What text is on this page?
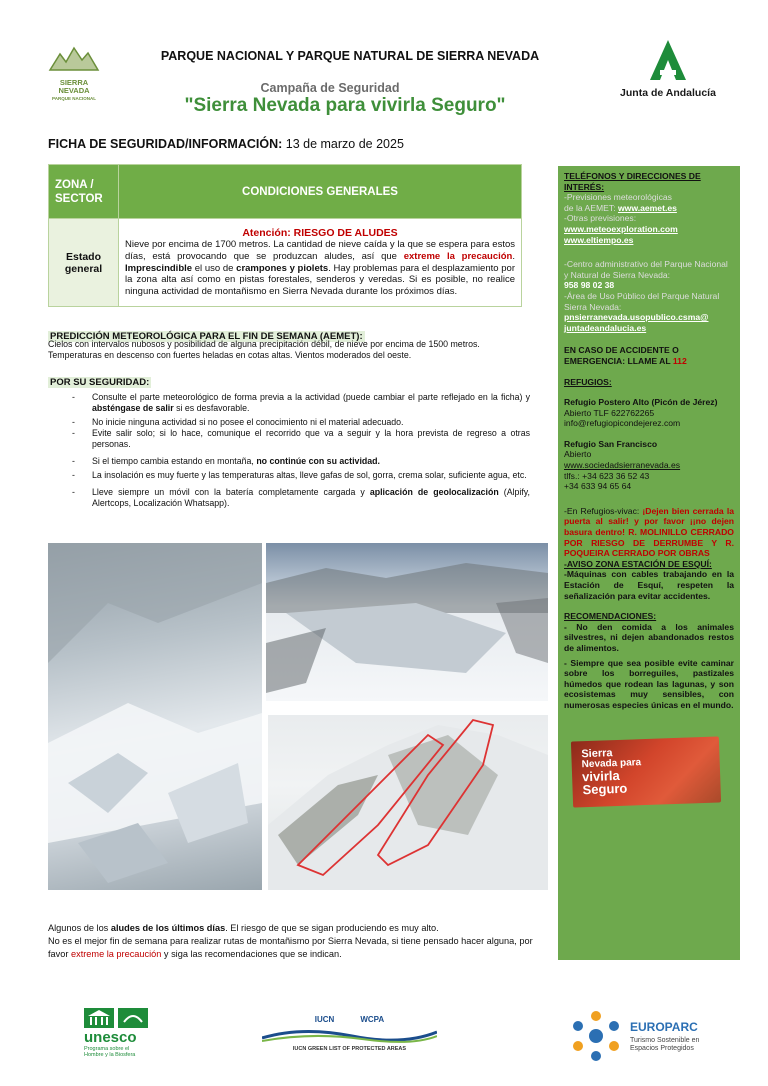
SIERRA
NEVADA
PARQUE NACIONAL
PARQUE NACIONAL Y PARQUE NATURAL DE SIERRA NEVADA
Campaña de Seguridad
"Sierra Nevada para vivirla Seguro"
Junta de Andalucía
FICHA DE SEGURIDAD/INFORMACIÓN: 13 de marzo de 2025
ZONA / SECTOR	CONDICIONES GENERALES
Estado general	Atención: RIESGO DE ALUDES
Nieve por encima de 1700 metros. La cantidad de nieve caída y la que se espera para estos días, está provocando que se produzcan aludes, así que extreme la precaución. Imprescindible el uso de crampones y piolets. Hay problemas para el desplazamiento por la zona alta así como en pistas forestales, senderos y veredas. Si es posible, no realice ninguna actividad de montañismo en Sierra Nevada durante los próximos días.
PREDICCIÓN METEOROLÓGICA PARA EL FIN DE SEMANA (AEMET):
Cielos con intervalos nubosos y posibilidad de alguna precipitación débil, de nieve por encima de 1500 metros. Temperaturas en descenso con fuertes heladas en cotas altas. Vientos moderados del oeste.
POR SU SEGURIDAD:
- Consulte el parte meteorológico de forma previa a la actividad (puede cambiar el parte reflejado en la ficha) y absténgase de salir si es desfavorable.
- No inicie ninguna actividad si no posee el conocimiento ni el material adecuado.
- Evite salir solo; si lo hace, comunique el recorrido que va a seguir y la hora prevista de regreso a otras personas.
- Si el tiempo cambia estando en montaña, no continúe con su actividad.
- La insolación es muy fuerte y las temperaturas altas, lleve gafas de sol, gorra, crema solar, suficiente agua, etc.
- Lleve siempre un móvil con la batería completamente cargada y aplicación de geolocalización (Alpify, Alertcops, Localización Whatsapp).
Algunos de los aludes de los últimos días. El riesgo de que se sigan produciendo es muy alto.
No es el mejor fin de semana para realizar rutas de montañismo por Sierra Nevada, si tiene pensado hacer alguna, por favor extreme la precaución y siga las recomendaciones que se indican.
TELÉFONOS Y DIRECCIONES DE INTERÉS:
-Previsiones meteorológicas
de la AEMET: www.aemet.es
-Otras previsiones:
www.meteoexploration.com
www.eltiempo.es
-Centro administrativo del Parque Nacional y Natural de Sierra Nevada:
958 98 02 38
-Área de Uso Público del Parque Natural Sierra Nevada:
pnsierranevada.usopublico.csma@ juntadeandalucia.es
EN CASO DE ACCIDENTE O EMERGENCIA: LLAME AL 112
REFUGIOS:
Refugio Postero Alto (Picón de Jérez)
Abierto TLF 622762265
info@refugiopicondejerez.com
Refugio San Francisco
Abierto
www.sociedadsierranevada.es
tlfs.: +34 623 36 52 43
+34 633 94 65 64
-En Refugios-vivac: ¡Dejen bien cerrada la puerta al salir! y por favor ¡¡no dejen basura dentro! R. MOLINILLO CERRADO POR RIESGO DE DERRUMBE Y R. POQUEIRA CERRADO POR OBRAS
-AVISO ZONA ESTACIÓN DE ESQUÍ:
-Máquinas con cables trabajando en la Estación de Esquí, respeten la señalización para evitar accidentes.
RECOMENDACIONES:
- No den comida a los animales silvestres, ni dejen abandonados restos de alimentos.
- Siempre que sea posible evite caminar sobre los borreguiles, pastizales húmedos que rodean las lagunas, y son ecosistemas muy sensibles, con numerosas especies únicas en el mundo.
Sierra
Nevada para
vivirla
Seguro
unesco
Programa sobre el Hombre y la Biosfera
IUCN	WCPA
IUCN GREEN LIST OF PROTECTED AREAS
EUROPARC
Turismo Sostenible en
Espacios Protegidos
